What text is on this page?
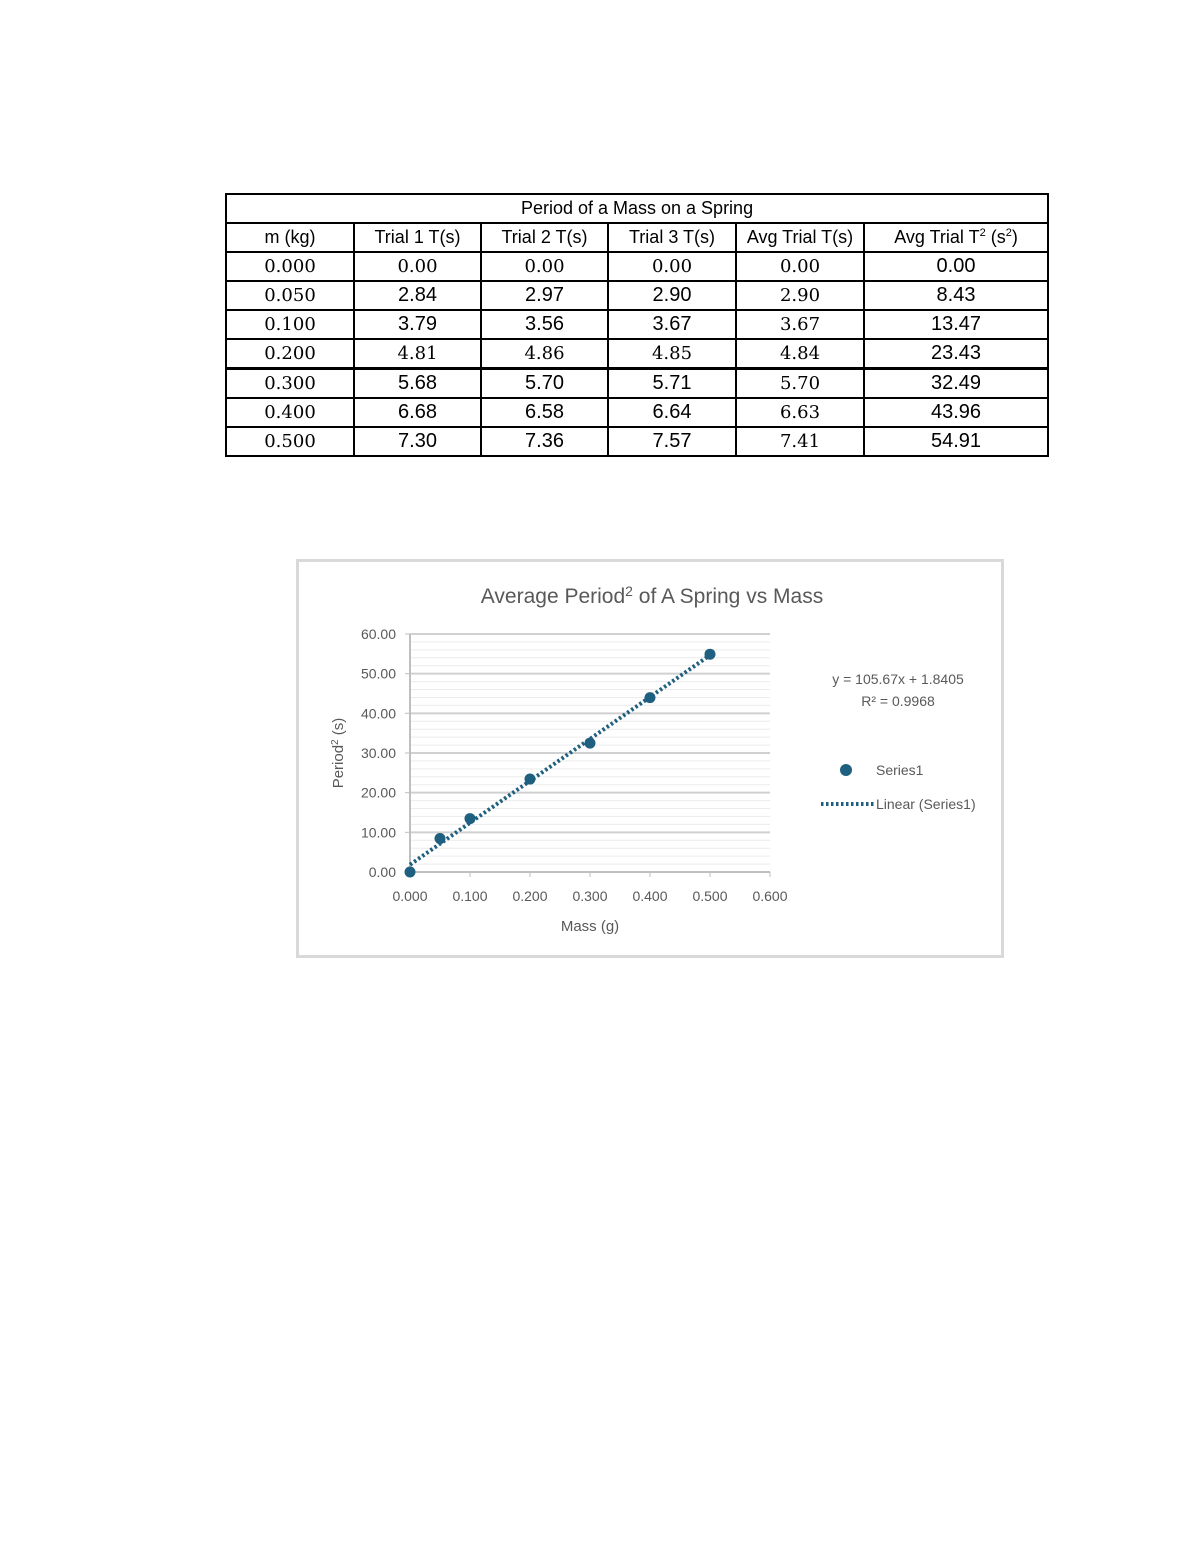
Period of a Mass on a Spring					
m (kg)	Trial 1 T(s)	Trial 2 T(s)	Trial 3 T(s)	Avg Trial T(s)	Avg Trial $T^2$ $(s^2)$
0.000	0.00	0.00	0.00	0.00	0.00
0.050	2.84	2.97	2.90	2.90	8.43
0.100	3.79	3.56	3.67	3.67	13.47
0.200	4.81	4.86	4.85	4.84	23.43
0.300	5.68	5.70	5.71	5.70	32.49
0.400	6.68	6.58	6.64	6.63	43.96
0.500	7.30	7.36	7.57	7.41	54.91
Average Period$^2$ of A Spring vs Mass
0.00
10.00
20.00
30.00
40.00
50.00
60.00
0.000 0.100 0.200 0.300 0.400 0.500 0.600
Mass (g)
Period$^2$ (s)
y = 105.67x + 1.8405
R² = 0.9968
Series1
Linear (Series1)
